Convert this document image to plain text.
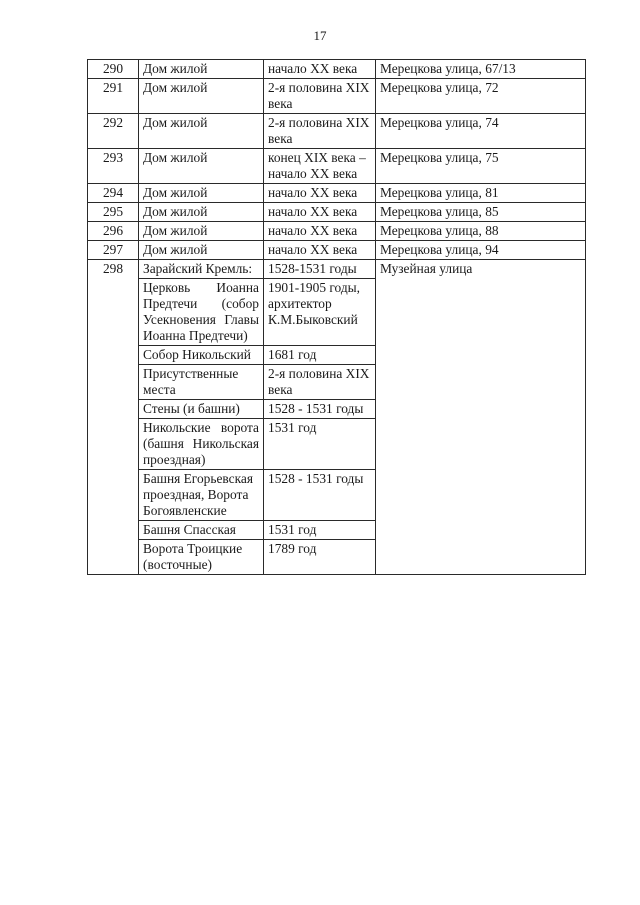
17
290	Дом жилой	начало XX века	Мерецкова улица, 67/13
291	Дом жилой	2-я половина XIX века	Мерецкова улица, 72
292	Дом жилой	2-я половина XIX века	Мерецкова улица, 74
293	Дом жилой	конец XIX века – начало XX века	Мерецкова улица, 75
294	Дом жилой	начало XX века	Мерецкова улица, 81
295	Дом жилой	начало XX века	Мерецкова улица, 85
296	Дом жилой	начало XX века	Мерецкова улица, 88
297	Дом жилой	начало XX века	Мерецкова улица, 94
298	Зарайский Кремль:	1528-1531 годы	Музейная улица
	Церковь Иоанна Предтечи (собор Усекновения Главы Иоанна Предтечи)	1901-1905 годы, архитектор К.М.Быковский	
	Собор Никольский	1681 год	
	Присутственные места	2-я половина XIX века	
	Стены (и башни)	1528 - 1531 годы	
	Никольские ворота (башня Никольская проездная)	1531 год	
	Башня Егорьевская проездная, Ворота Богоявленские	1528 - 1531 годы	
	Башня Спасская	1531 год	
	Ворота Троицкие (восточные)	1789 год	
